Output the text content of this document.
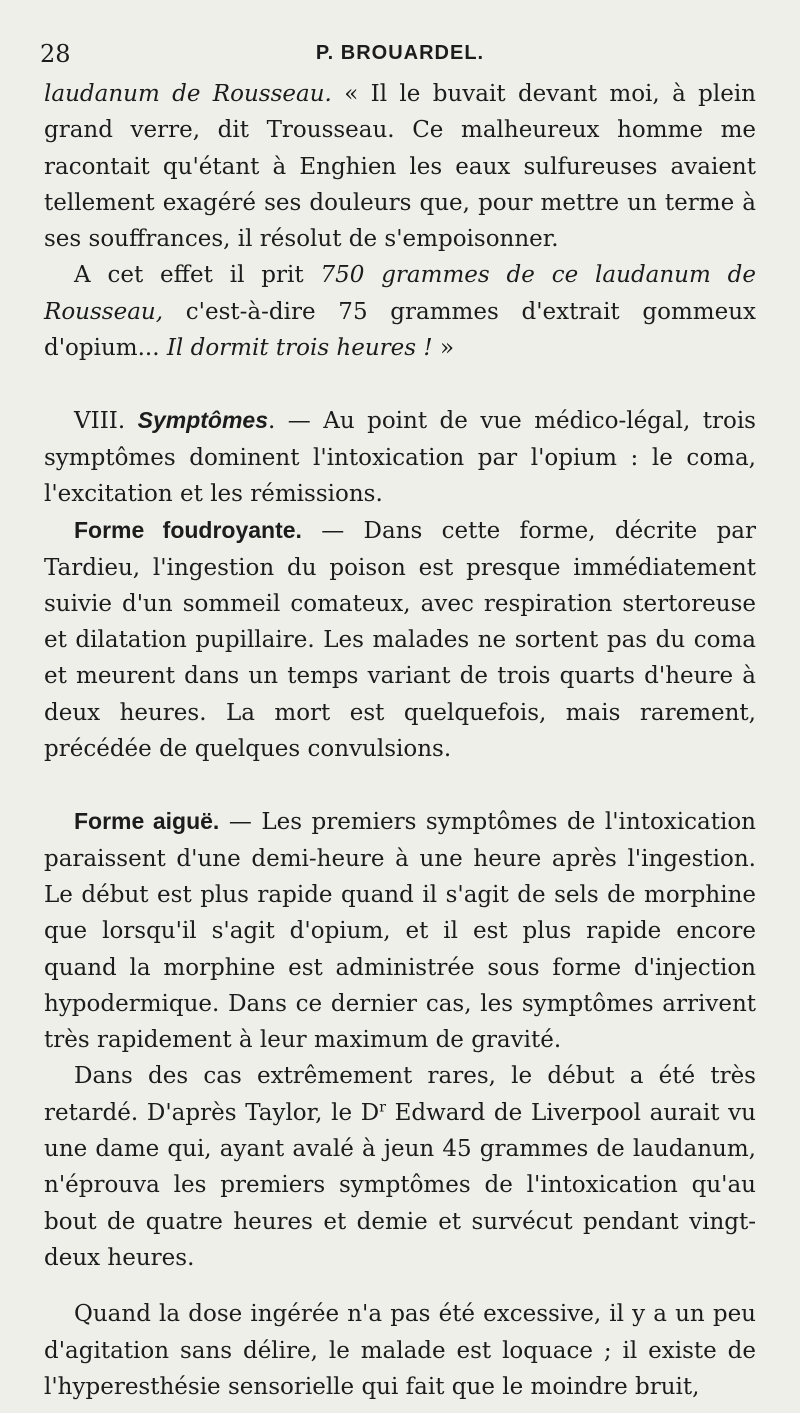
28	P. BROUARDEL.

laudanum de Rousseau. « Il le buvait devant moi, à plein grand verre, dit Trousseau. Ce malheureux homme me racontait qu'étant à Enghien les eaux sulfureuses avaient tellement exagéré ses douleurs que, pour mettre un terme à ses souffrances, il résolut de s'empoisonner.

A cet effet il prit 750 grammes de ce laudanum de Rousseau, c'est-à-dire 75 grammes d'extrait gommeux d'opium... Il dormit trois heures ! »

VIII. Symptômes. — Au point de vue médico-légal, trois symptômes dominent l'intoxication par l'opium : le coma, l'excitation et les rémissions.

Forme foudroyante. — Dans cette forme, décrite par Tardieu, l'ingestion du poison est presque immédiatement suivie d'un sommeil comateux, avec respiration stertoreuse et dilatation pupillaire. Les malades ne sortent pas du coma et meurent dans un temps variant de trois quarts d'heure à deux heures. La mort est quelquefois, mais rarement, précédée de quelques convulsions.

Forme aiguë. — Les premiers symptômes de l'intoxication paraissent d'une demi-heure à une heure après l'ingestion. Le début est plus rapide quand il s'agit de sels de morphine que lorsqu'il s'agit d'opium, et il est plus rapide encore quand la morphine est administrée sous forme d'injection hypodermique. Dans ce dernier cas, les symptômes arrivent très rapidement à leur maximum de gravité.

Dans des cas extrêmement rares, le début a été très retardé. D'après Taylor, le $D^r$ Edward de Liverpool aurait vu une dame qui, ayant avalé à jeun 45 grammes de laudanum, n'éprouva les premiers symptômes de l'intoxication qu'au bout de quatre heures et demie et survécut pendant vingt-deux heures.

Quand la dose ingérée n'a pas été excessive, il y a un peu d'agitation sans délire, le malade est loquace ; il existe de l'hyperesthésie sensorielle qui fait que le moindre bruit,
